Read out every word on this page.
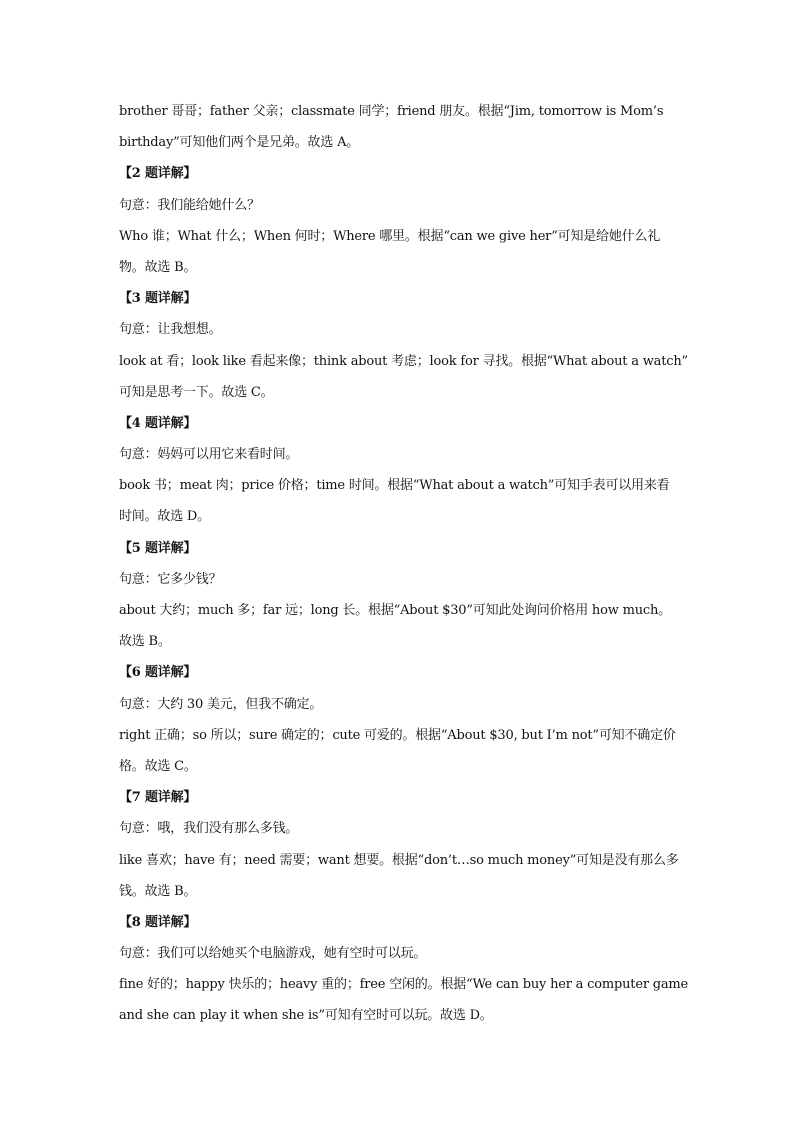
brother 哥哥；father 父亲；classmate 同学；friend 朋友。根据“Jim, tomorrow is Mom’s
birthday”可知他们两个是兄弟。故选 A。
【2 题详解】
句意：我们能给她什么？
Who 谁；What 什么；When 何时；Where 哪里。根据“can we give her”可知是给她什么礼
物。故选 B。
【3 题详解】
句意：让我想想。
look at 看；look like 看起来像；think about 考虑；look for 寻找。根据“What about a watch”
可知是思考一下。故选 C。
【4 题详解】
句意：妈妈可以用它来看时间。
book 书；meat 肉；price 价格；time 时间。根据“What about a watch”可知手表可以用来看
时间。故选 D。
【5 题详解】
句意：它多少钱？
about 大约；much 多；far 远；long 长。根据“About $30”可知此处询问价格用 how much。
故选 B。
【6 题详解】
句意：大约 30 美元，但我不确定。
right 正确；so 所以；sure 确定的；cute 可爱的。根据“About $30, but I’m not”可知不确定价
格。故选 C。
【7 题详解】
句意：哦，我们没有那么多钱。
like 喜欢；have 有；need 需要；want 想要。根据“don’t…so much money”可知是没有那么多
钱。故选 B。
【8 题详解】
句意：我们可以给她买个电脑游戏，她有空时可以玩。
fine 好的；happy 快乐的；heavy 重的；free 空闲的。根据“We can buy her a computer game
and she can play it when she is”可知有空时可以玩。故选 D。
